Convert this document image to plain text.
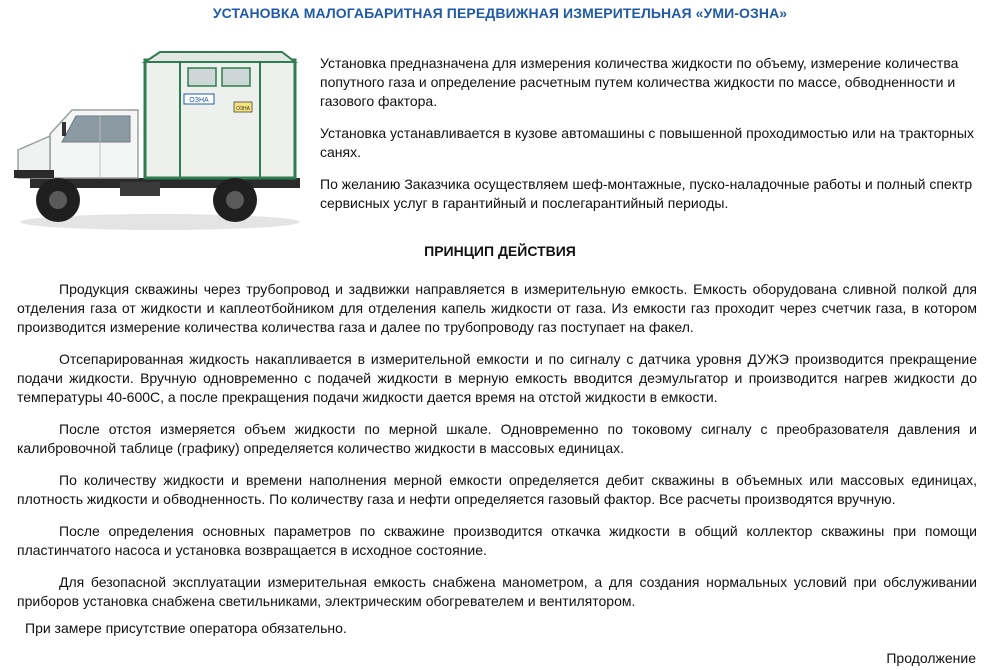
УСТАНОВКА МАЛОГАБАРИТНАЯ ПЕРЕДВИЖНАЯ ИЗМЕРИТЕЛЬНАЯ «УМИ-ОЗНА»
ОЗНА
ОЗНА

Установка предназначена для измерения количества жидкости по объему, измерение количества попутного газа и определение расчетным путем количества жидкости по массе, обводненности и газового фактора.

Установка устанавливается в кузове автомашины с повышенной проходимостью или на тракторных санях.

По желанию Заказчика осуществляем шеф-монтажные, пуско-наладочные работы и полный спектр сервисных услуг в гарантийный и послегарантийный периоды.

ПРИНЦИП ДЕЙСТВИЯ

Продукция скважины через трубопровод и задвижки направляется в измерительную емкость. Емкость оборудована сливной полкой для отделения газа от жидкости и каплеотбойником для отделения капель жидкости от газа. Из емкости газ проходит через счетчик газа, в котором производится измерение количества количества газа и далее по трубопроводу газ поступает на факел.

Отсепарированная жидкость накапливается в измерительной емкости и по сигналу с датчика уровня ДУЖЭ производится прекращение подачи жидкости. Вручную одновременно с подачей жидкости в мерную емкость вводится деэмульгатор и производится нагрев жидкости до температуры 40-600С, а после прекращения подачи жидкости дается время на отстой жидкости в емкости.

После отстоя измеряется объем жидкости по мерной шкале. Одновременно по токовому сигналу с преобразователя давления и калибровочной таблице (графику) определяется количество жидкости в массовых единицах.

По количеству жидкости и времени наполнения мерной емкости определяется дебит скважины в объемных или массовых единицах, плотность жидкости и обводненность. По количеству газа и нефти определяется газовый фактор. Все расчеты производятся вручную.

После определения основных параметров по скважине производится откачка жидкости в общий коллектор скважины при помощи пластинчатого насоса и установка возвращается в исходное состояние.

Для безопасной эксплуатации измерительная емкость снабжена манометром, а для создания нормальных условий при обслуживании приборов установка снабжена светильниками, электрическим обогревателем и вентилятором.

При замере присутствие оператора обязательно.
Продолжение
